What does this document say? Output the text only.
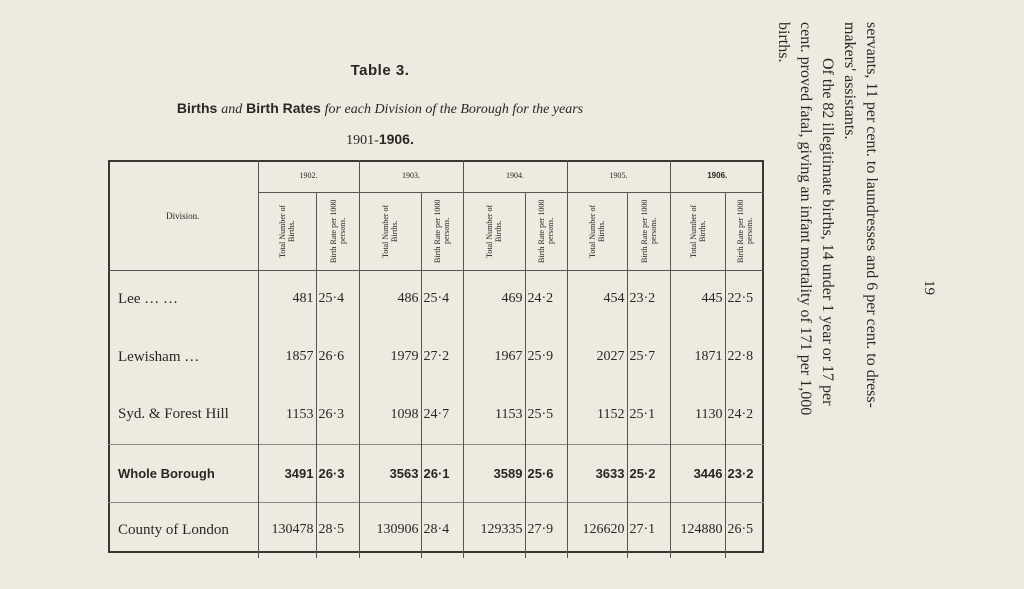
Table 3.
Births and Birth Rates for each Division of the Borough for the years
1901-1906.
19

servants, 11 per cent. to laundresses and 6 per cent. to dress-

makers' assistants.

Of the 82 illegitimate births, 14 under 1 year or 17 per

cent. proved fatal, giving an infant mortality of 171 per 1,000

births.

Division.	1902.		1903.		1904.		1905.		1906.	

	Total Number of Births.	Birth Rate per 1000 persons.	Total Number of Births.	Birth Rate per 1000 persons.	Total Number of Births.	Birth Rate per 1000 persons.	Total Number of Births.	Birth Rate per 1000 persons.	Total Number of Births.	Birth Rate per 1000 persons.

Lee … …	481	25·4	486	25·4	469	24·2	454	23·2	445	22·5
Lewisham …	1857	26·6	1979	27·2	1967	25·9	2027	25·7	1871	22·8
Syd. & Forest Hill	1153	26·3	1098	24·7	1153	25·5	1152	25·1	1130	24·2
Whole Borough	3491	26·3	3563	26·1	3589	25·6	3633	25·2	3446	23·2
County of London	130478	28·5	130906	28·4	129335	27·9	126620	27·1	124880	26·5
